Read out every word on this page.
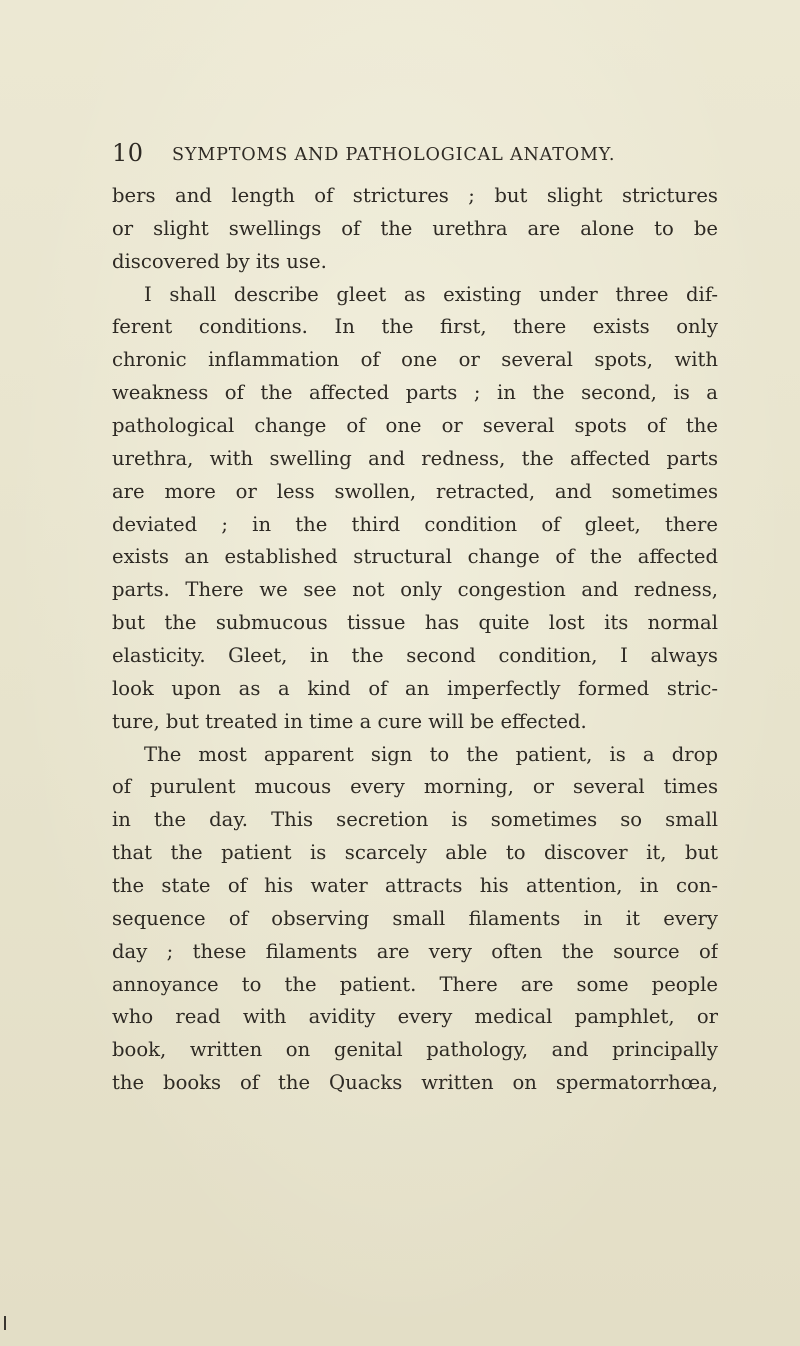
10 SYMPTOMS AND PATHOLOGICAL ANATOMY.
bers and length of strictures ; but slight strictures
or slight swellings of the urethra are alone to be
discovered by its use.
I shall describe gleet as existing under three dif-
ferent conditions. In the first, there exists only
chronic inflammation of one or several spots, with
weakness of the affected parts ; in the second, is a
pathological change of one or several spots of the
urethra, with swelling and redness, the affected parts
are more or less swollen, retracted, and sometimes
deviated ; in the third condition of gleet, there
exists an established structural change of the affected
parts. There we see not only congestion and redness,
but the submucous tissue has quite lost its normal
elasticity. Gleet, in the second condition, I always
look upon as a kind of an imperfectly formed stric-
ture, but treated in time a cure will be effected.
The most apparent sign to the patient, is a drop
of purulent mucous every morning, or several times
in the day. This secretion is sometimes so small
that the patient is scarcely able to discover it, but
the state of his water attracts his attention, in con-
sequence of observing small filaments in it every
day ; these filaments are very often the source of
annoyance to the patient. There are some people
who read with avidity every medical pamphlet, or
book, written on genital pathology, and principally
the books of the Quacks written on spermatorrhœa,
